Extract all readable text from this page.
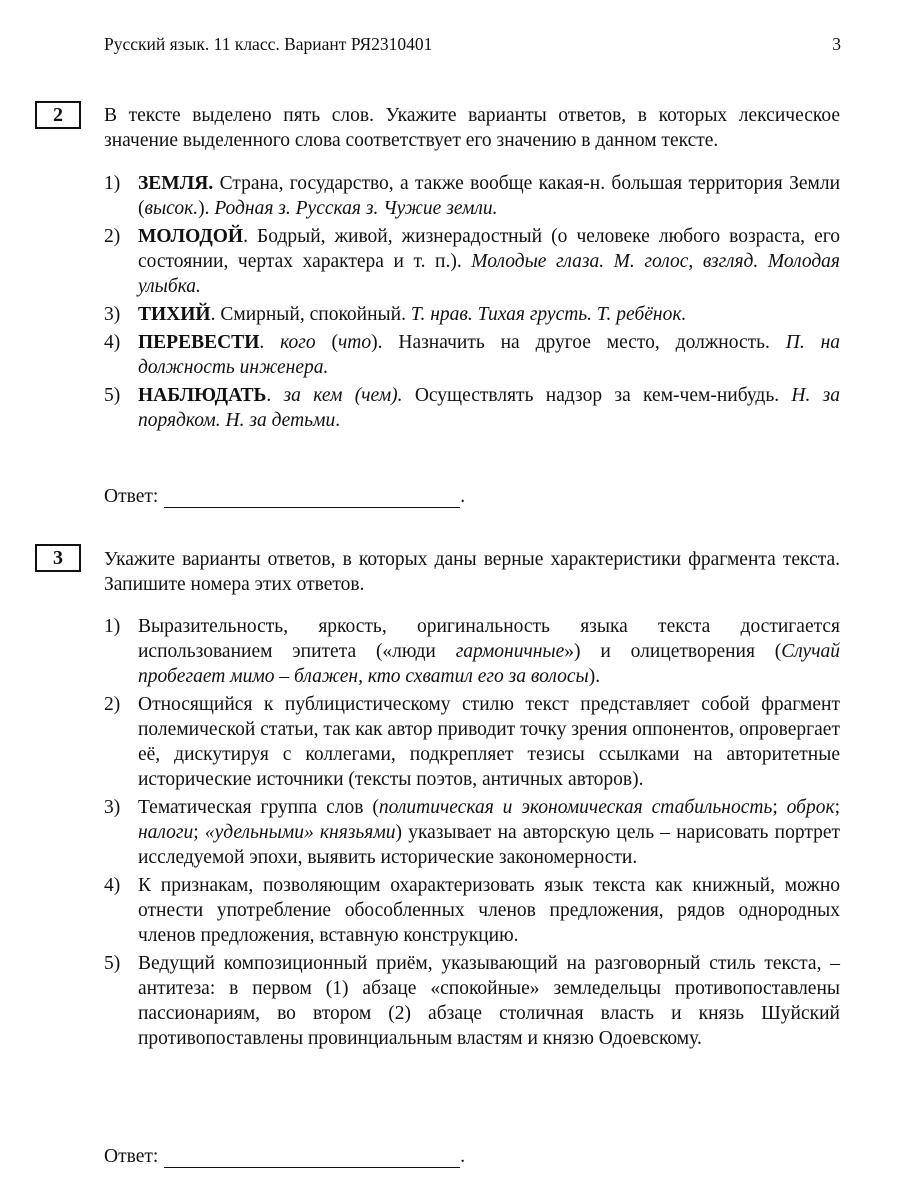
Русский язык. 11 класс. Вариант РЯ2310401	3
2	В тексте выделено пять слов. Укажите варианты ответов, в которых лексическое значение выделенного слова соответствует его значению в данном тексте.

1) ЗЕМЛЯ. Страна, государство, а также вообще какая-н. большая территория Земли (высок.). Родная з. Русская з. Чужие земли.
2) МОЛОДОЙ. Бодрый, живой, жизнерадостный (о человеке любого возраста, его состоянии, чертах характера и т. п.). Молодые глаза. М. голос, взгляд. Молодая улыбка.
3) ТИХИЙ. Смирный, спокойный. Т. нрав. Тихая грусть. Т. ребёнок.
4) ПЕРЕВЕСТИ. кого (что). Назначить на другое место, должность. П. на должность инженера.
5) НАБЛЮДАТЬ. за кем (чем). Осуществлять надзор за кем-чем-нибудь. Н. за порядком. Н. за детьми.
Ответ:	.
3	Укажите варианты ответов, в которых даны верные характеристики фрагмента текста. Запишите номера этих ответов.

1) Выразительность, яркость, оригинальность языка текста достигается использованием эпитета («люди гармоничные») и олицетворения (Случай пробегает мимо – блажен, кто схватил его за волосы).
2) Относящийся к публицистическому стилю текст представляет собой фрагмент полемической статьи, так как автор приводит точку зрения оппонентов, опровергает её, дискутируя с коллегами, подкрепляет тезисы ссылками на авторитетные исторические источники (тексты поэтов, античных авторов).
3) Тематическая группа слов (политическая и экономическая стабильность; оброк; налоги; «удельными» князьями) указывает на авторскую цель – нарисовать портрет исследуемой эпохи, выявить исторические закономерности.
4) К признакам, позволяющим охарактеризовать язык текста как книжный, можно отнести употребление обособленных членов предложения, рядов однородных членов предложения, вставную конструкцию.
5) Ведущий композиционный приём, указывающий на разговорный стиль текста, – антитеза: в первом (1) абзаце «спокойные» земледельцы противопоставлены пассионариям, во втором (2) абзаце столичная власть и князь Шуйский противопоставлены провинциальным властям и князю Одоевскому.
Ответ:	.
